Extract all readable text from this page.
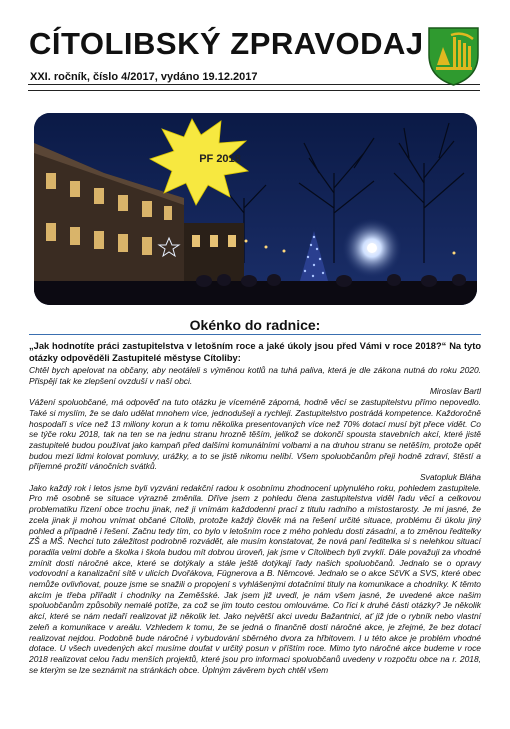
CÍTOLIBSKÝ ZPRAVODAJ
XXI. ročník, číslo 4/2017, vydáno 19.12.2017
PF 2018
Okénko do radnice:
„Jak hodnotíte práci zastupitelstva v letošním roce a jaké úkoly jsou před Vámi v roce 2018?“ Na tyto otázky odpověděli Zastupitelé městyse Cítoliby:

Chtěl bych apelovat na občany, aby neotáleli s výměnou kotlů na tuhá paliva, která je dle zákona nutná do roku 2020. Přispějí tak ke zlepšení ovzduší v naší obci.
Miroslav Bartl

Vážení spoluobčané, má odpověď na tuto otázku je víceméně záporná, hodně věcí se zastupitelstvu přímo nepovedlo. Také si myslím, že se dalo udělat mnohem více, jednodušeji a rychleji. Zastupitelstvo postrádá kompetence. Každoročně hospodaří s více než 13 miliony korun a k tomu několika presentovaných více než 70% dotací musí být přece vidět. Co se týče roku 2018, tak na ten se na jednu stranu hrozně těším, jelikož se dokončí spousta stavebních akcí, které jistě zastupitelé budou používat jako kampaň před dalšími komunálními volbami a na druhou stranu se netěším, protože opět budou mezi lidmi kolovat pomluvy, urážky, a to se jistě nikomu nelíbí. Všem spoluobčanům přeji hodně zdraví, štěstí a příjemné prožití vánočních svátků.
Svatopluk Bláha

Jako každý rok i letos jsme byli vyzváni redakční radou k osobnímu zhodnocení uplynulého roku, pohledem zastupitele. Pro mě osobně se situace výrazně změnila. Dříve jsem z pohledu člena zastupitelstva viděl řadu věcí a celkovou problematiku řízení obce trochu jinak, než ji vnímám každodenní prací z titulu radního a místostarosty. Je mi jasné, že zcela jinak ji mohou vnímat občané Cítolib, protože každý člověk má na řešení určité situace, problému či úkolu jiný pohled a případně i řešení. Začnu tedy tím, co bylo v letošním roce z mého pohledu dosti zásadní, a to změnou ředitelky ZŠ a MŠ. Nechci tuto záležitost podrobně rozvádět, ale musím konstatovat, že nová paní ředitelka si s nelehkou situací poradila velmi dobře a školka i škola budou mít dobrou úroveň, jak jsme v Cítolibech byli zvyklí. Dále považuji za vhodné zmínit dosti náročné akce, které se dotýkaly a stále ještě dotýkají řady našich spoluobčanů. Jednalo se o opravy vodovodní a kanalizační sítě v ulicích Dvořákova, Fügnerova a B. Němcové. Jednalo se o akce SčVK a SVS, které obec nemůže ovlivňovat, pouze jsme se snažili o propojení s vyhlášenými dotačními tituly na komunikace a chodníky. K těmto akcím je třeba přiřadit i chodníky na Zeměšské. Jak jsem již uvedl, je nám všem jasné, že uvedené akce našim spoluobčanům způsobily nemalé potíže, za což se jim touto cestou omlouváme. Co říci k druhé části otázky? Je několik akcí, které se nám nedaří realizovat již několik let. Jako největší akci uvedu Bažantnici, ať již jde o rybník nebo vlastní zeleň a komunikace v areálu. Vzhledem k tomu, že se jedná o finančně dosti náročné akce, je zřejmé, že bez dotací realizovat nejdou. Podobně bude náročné i vybudování sběrného dvora za hřbitovem. I u této akce je problém vhodné dotace. U všech uvedených akcí musíme doufat v určitý posun v příštím roce. Mimo tyto náročné akce budeme v roce 2018 realizovat celou řadu menších projektů, které jsou pro informaci spoluobčanů uvedeny v rozpočtu obce na r. 2018, se kterým se lze seznámit na stránkách obce. Úplným závěrem bych chtěl všem
